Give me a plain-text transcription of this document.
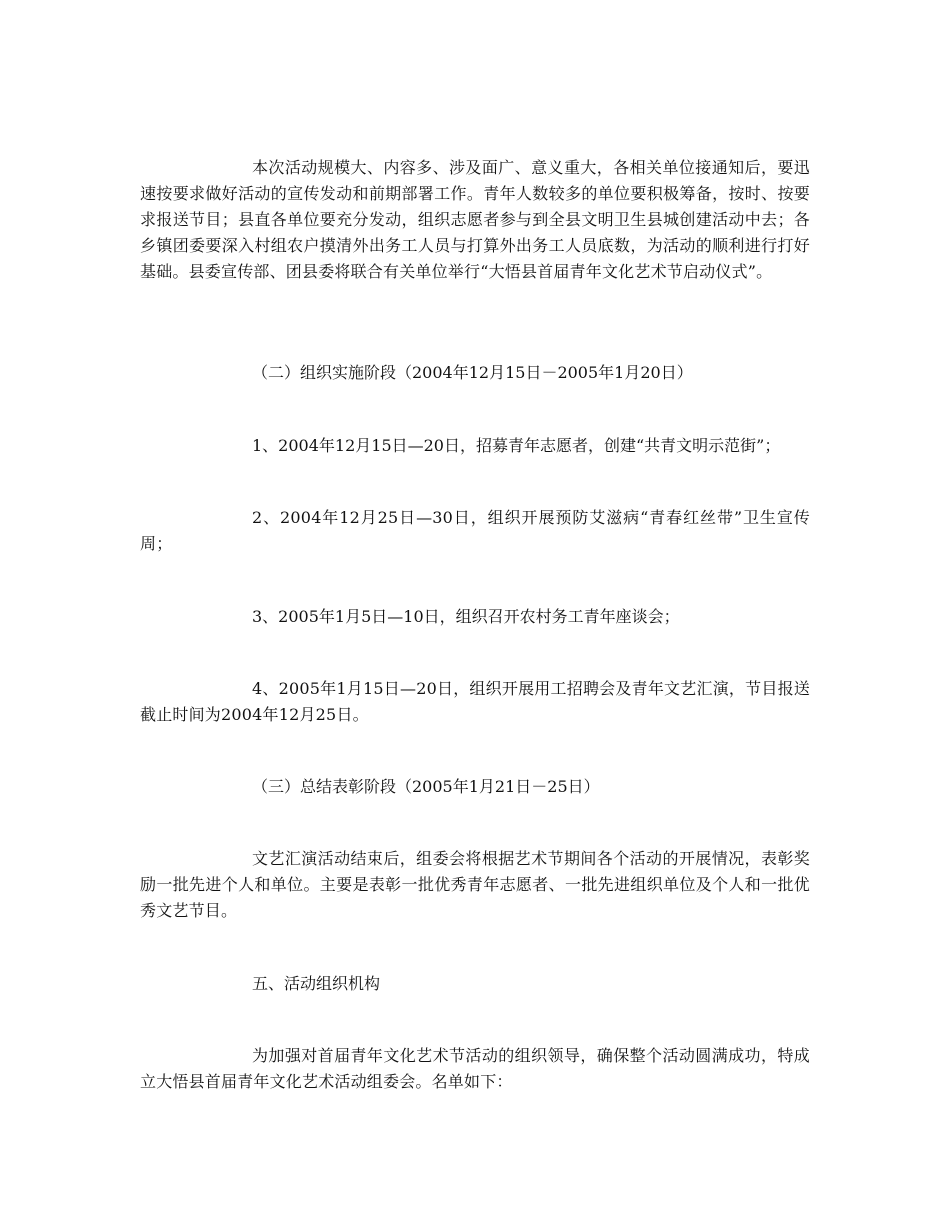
本次活动规模大、内容多、涉及面广、意义重大，各相关单位接通知后，要迅速按要求做好活动的宣传发动和前期部署工作。青年人数较多的单位要积极筹备，按时、按要求报送节目；县直各单位要充分发动，组织志愿者参与到全县文明卫生县城创建活动中去；各乡镇团委要深入村组农户摸清外出务工人员与打算外出务工人员底数，为活动的顺利进行打好基础。县委宣传部、团县委将联合有关单位举行“大悟县首届青年文化艺术节启动仪式”。

（二）组织实施阶段（2004年12月15日－2005年1月20日）

1、2004年12月15日—20日，招募青年志愿者，创建“共青文明示范街”；

2、2004年12月25日—30日，组织开展预防艾滋病“青春红丝带”卫生宣传周；

3、2005年1月5日—10日，组织召开农村务工青年座谈会；

4、2005年1月15日—20日，组织开展用工招聘会及青年文艺汇演，节目报送截止时间为2004年12月25日。

（三）总结表彰阶段（2005年1月21日－25日）

文艺汇演活动结束后，组委会将根据艺术节期间各个活动的开展情况，表彰奖励一批先进个人和单位。主要是表彰一批优秀青年志愿者、一批先进组织单位及个人和一批优秀文艺节目。

五、活动组织机构

为加强对首届青年文化艺术节活动的组织领导，确保整个活动圆满成功，特成立大悟县首届青年文化艺术活动组委会。名单如下：
